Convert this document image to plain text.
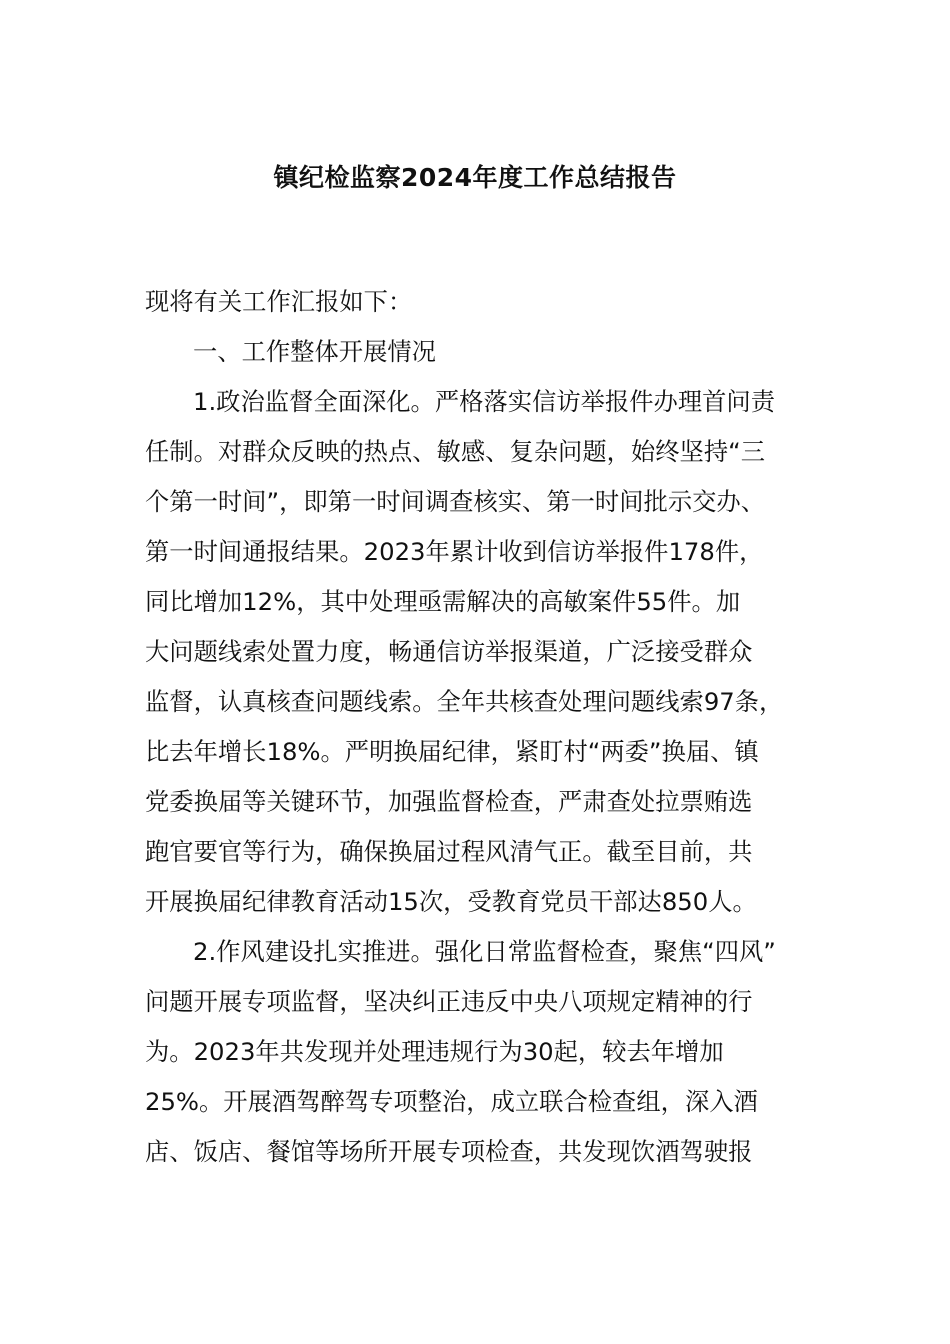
镇纪检监察2024年度工作总结报告

现将有关工作汇报如下：

一、工作整体开展情况

1.政治监督全面深化。严格落实信访举报件办理首问责
任制。对群众反映的热点、敏感、复杂问题，始终坚持“三
个第一时间”，即第一时间调查核实、第一时间批示交办、
第一时间通报结果。2023年累计收到信访举报件178件，
同比增加12%，其中处理亟需解决的高敏案件55件。加
大问题线索处置力度，畅通信访举报渠道，广泛接受群众
监督，认真核查问题线索。全年共核查处理问题线索97条，
比去年增长18%。严明换届纪律，紧盯村“两委”换届、镇
党委换届等关键环节，加强监督检查，严肃查处拉票贿选
跑官要官等行为，确保换届过程风清气正。截至目前，共
开展换届纪律教育活动15次，受教育党员干部达850人。

2.作风建设扎实推进。强化日常监督检查，聚焦“四风”
问题开展专项监督，坚决纠正违反中央八项规定精神的行
为。2023年共发现并处理违规行为30起，较去年增加
25%。开展酒驾醉驾专项整治，成立联合检查组，深入酒
店、饭店、餐馆等场所开展专项检查，共发现饮酒驾驶报
